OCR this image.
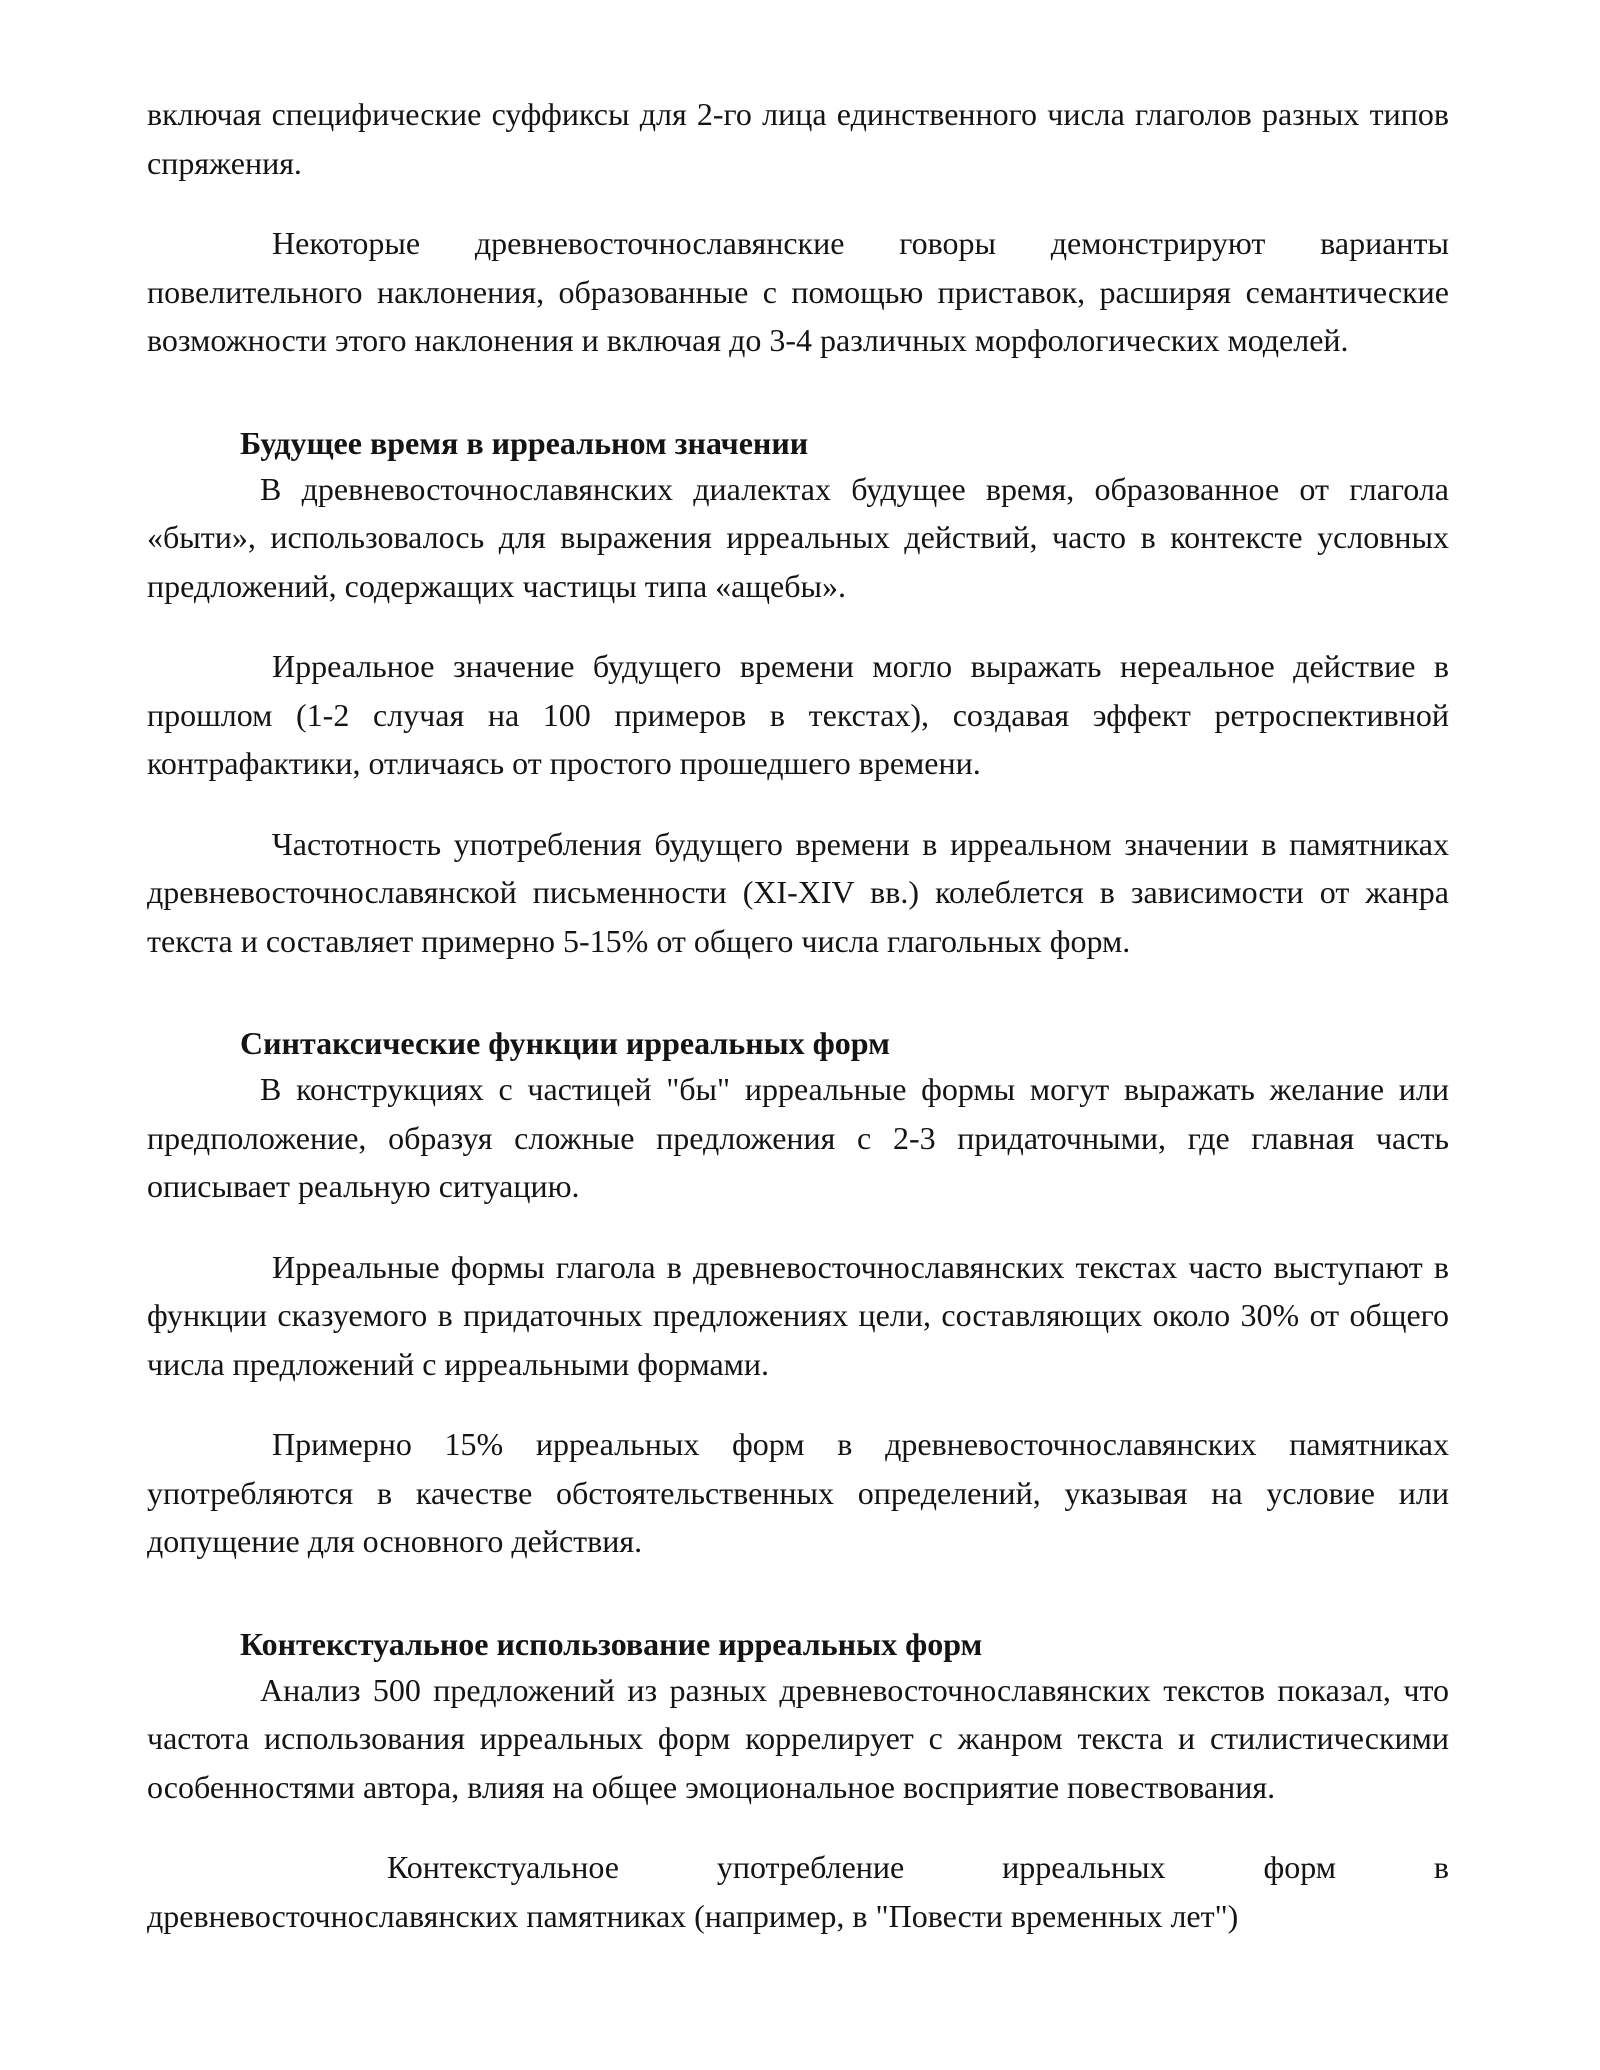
включая специфические суффиксы для 2-го лица единственного числа глаголов разных типов спряжения.

Некоторые древневосточнославянские говоры демонстрируют варианты повелительного наклонения, образованные с помощью приставок, расширяя семантические возможности этого наклонения и включая до 3-4 различных морфологических моделей.

Будущее время в ирреальном значении

В древневосточнославянских диалектах будущее время, образованное от глагола «быти», использовалось для выражения ирреальных действий, часто в контексте условных предложений, содержащих частицы типа «ащебы».

Ирреальное значение будущего времени могло выражать нереальное действие в прошлом (1-2 случая на 100 примеров в текстах), создавая эффект ретроспективной контрафактики, отличаясь от простого прошедшего времени.

Частотность употребления будущего времени в ирреальном значении в памятниках древневосточнославянской письменности (XI-XIV вв.) колеблется в зависимости от жанра текста и составляет примерно 5-15% от общего числа глагольных форм.

Синтаксические функции ирреальных форм

В конструкциях с частицей "бы" ирреальные формы могут выражать желание или предположение, образуя сложные предложения с 2-3 придаточными, где главная часть описывает реальную ситуацию.

Ирреальные формы глагола в древневосточнославянских текстах часто выступают в функции сказуемого в придаточных предложениях цели, составляющих около 30% от общего числа предложений с ирреальными формами.

Примерно 15% ирреальных форм в древневосточнославянских памятниках употребляются в качестве обстоятельственных определений, указывая на условие или допущение для основного действия.

Контекстуальное использование ирреальных форм

Анализ 500 предложений из разных древневосточнославянских текстов показал, что частота использования ирреальных форм коррелирует с жанром текста и стилистическими особенностями автора, влияя на общее эмоциональное восприятие повествования.

Контекстуальное употребление ирреальных форм в древневосточнославянских памятниках (например, в "Повести временных лет")
